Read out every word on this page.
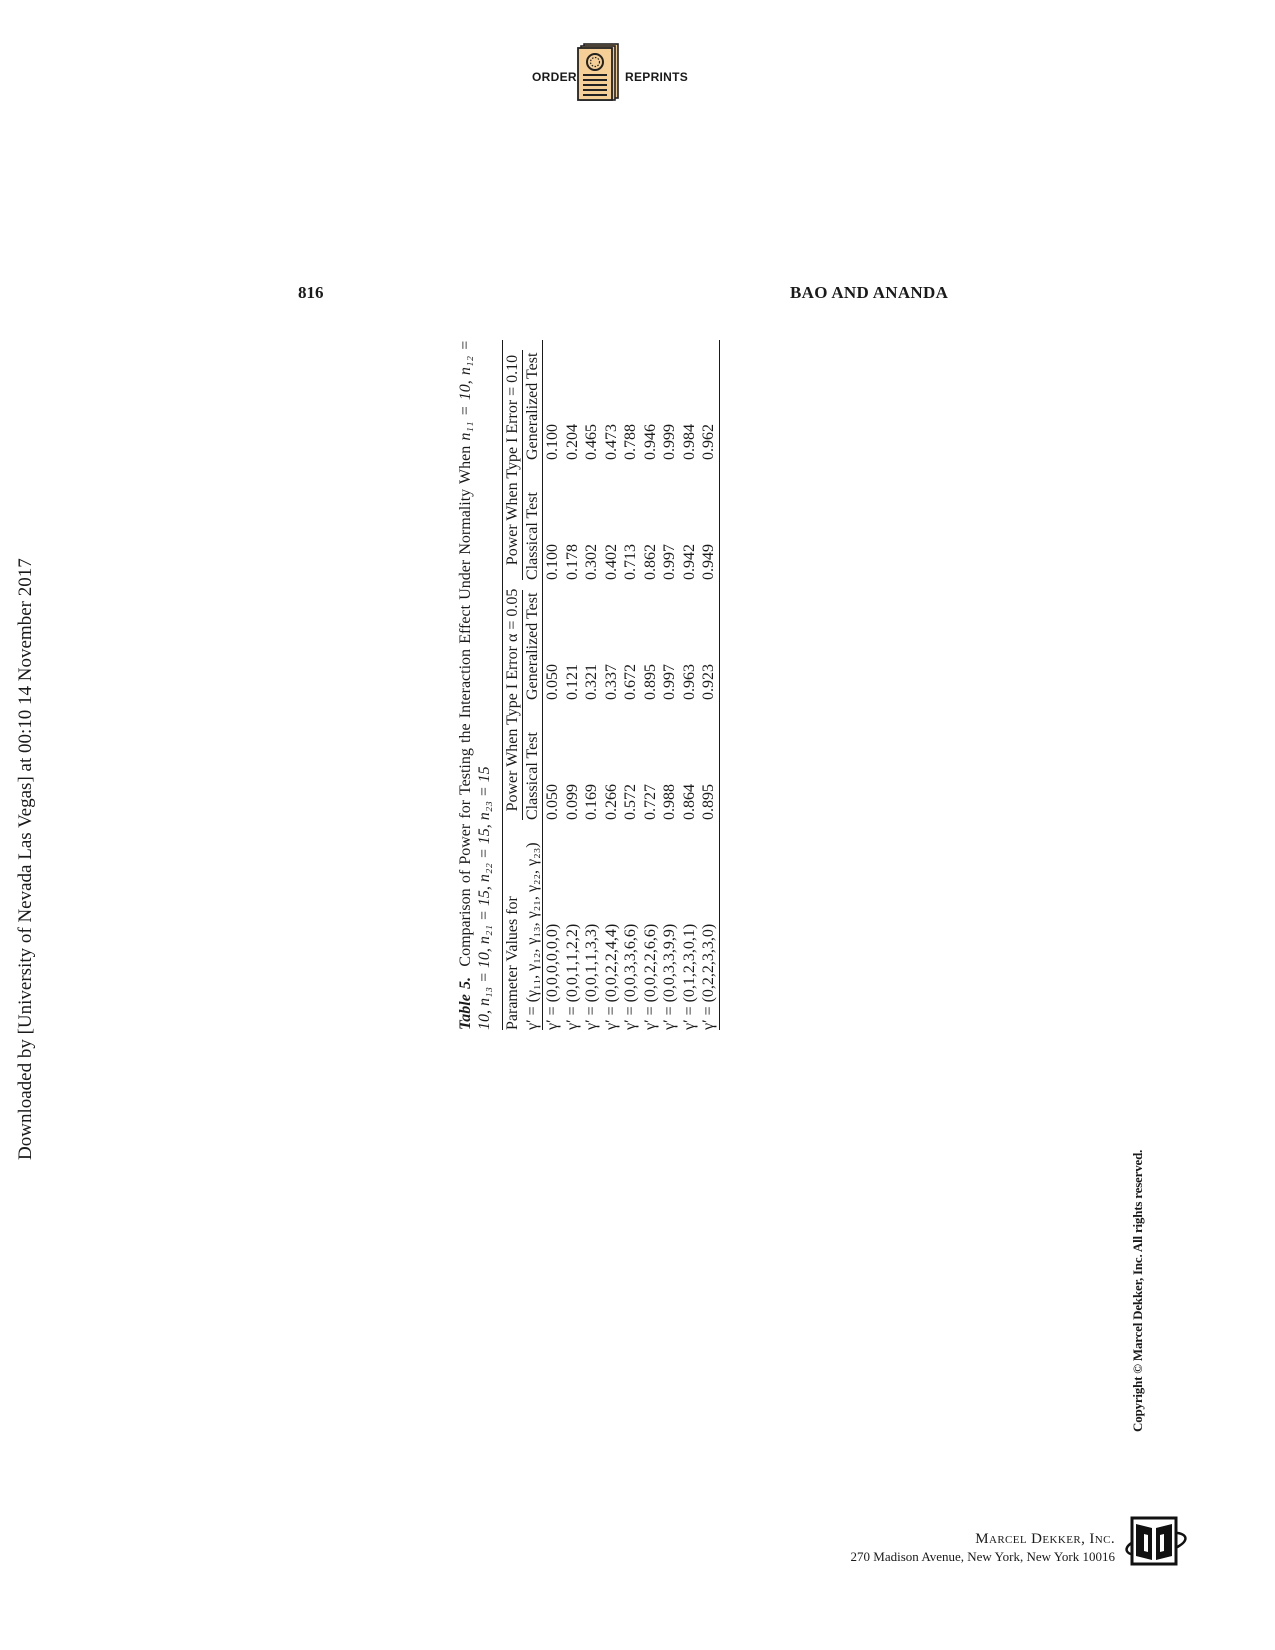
ORDER	REPRINTS
816	BAO AND ANANDA
Downloaded by [University of Nevada Las Vegas] at 00:10 14 November 2017	Table 5.  Comparison of Power for Testing the Interaction Effect Under Normality When n₁₁ = 10, n₁₂ = 10, n₁₃ = 10, n₂₁ = 15, n₂₂ = 15, n₂₃ = 15 Parameter Values for	Power When Type I Error α = 0.05		Power When Type I Error = 0.10	

γ′ = (γ₁₁, γ₁₂, γ₁₃, γ₂₁, γ₂₂, γ₂₃)	Classical Test	Generalized Test	Classical Test	Generalized Test

γ′ = (0,0,0,0,0,0)	0.050	0.050	0.100	0.100
γ′ = (0,0,1,1,2,2)	0.099	0.121	0.178	0.204
γ′ = (0,0,1,1,3,3)	0.169	0.321	0.302	0.465
γ′ = (0,0,2,2,4,4)	0.266	0.337	0.402	0.473
γ′ = (0,0,3,3,6,6)	0.572	0.672	0.713	0.788
γ′ = (0,0,2,2,6,6)	0.727	0.895	0.862	0.946
γ′ = (0,0,3,3,9,9)	0.988	0.997	0.997	0.999
γ′ = (0,1,2,3,0,1)	0.864	0.963	0.942	0.984
γ′ = (0,2,2,3,3,0)	0.895	0.923	0.949	0.962
Copyright © Marcel Dekker, Inc. All rights reserved.
Marcel Dekker, Inc.
270 Madison Avenue, New York, New York 10016
